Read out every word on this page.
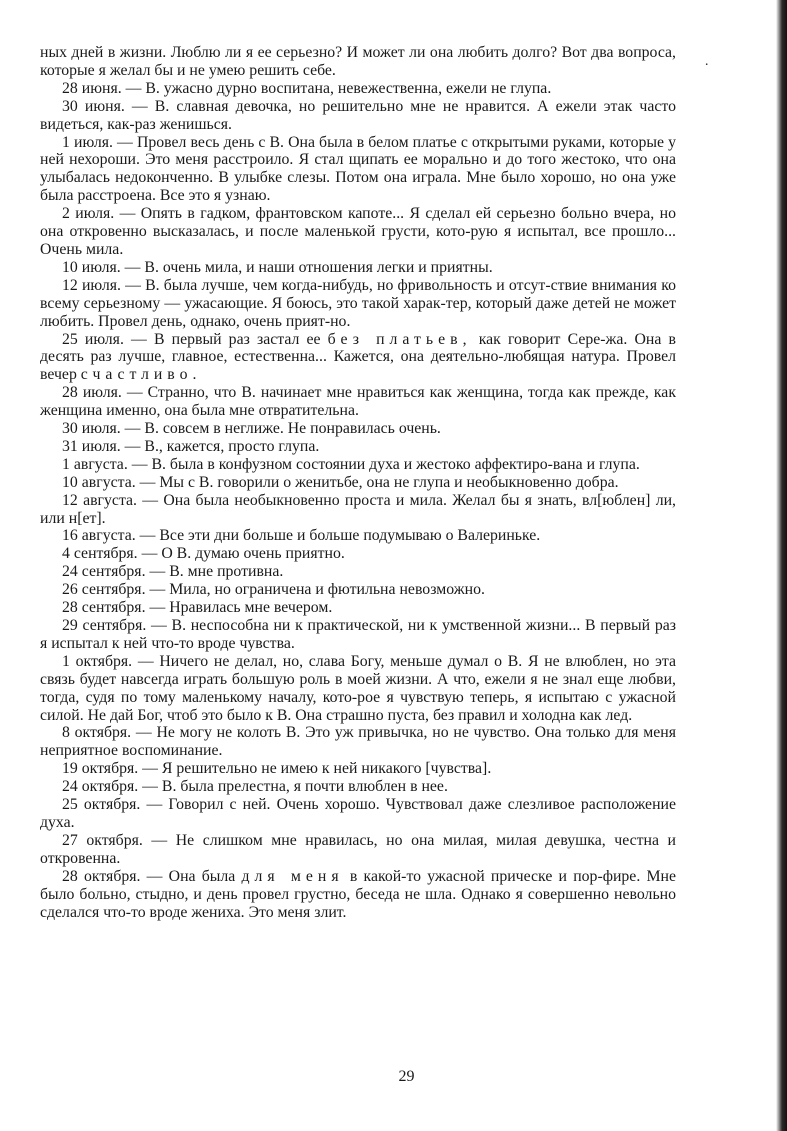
·

ных дней в жизни. Люблю ли я ее серьезно? И может ли она любить долго? Вот два вопроса, которые я желал бы и не умею решить себе.

28 июня. — В. ужасно дурно воспитана, невежественна, ежели не глупа.

30 июня. — В. славная девочка, но решительно мне не нравится. А ежели этак часто видеться, как-раз женишься.

1 июля. — Провел весь день с В. Она была в белом платье с открытыми руками, которые у ней нехороши. Это меня расстроило. Я стал щипать ее морально и до того жестоко, что она улыбалась недоконченно. В улыбке слезы. Потом она играла. Мне было хорошо, но она уже была расстроена. Все это я узнаю.

2 июля. — Опять в гадком, франтовском капоте... Я сделал ей серьезно больно вчера, но она откровенно высказалась, и после маленькой грусти, кото-рую я испытал, все прошло... Очень мила.

10 июля. — В. очень мила, и наши отношения легки и приятны.

12 июля. — В. была лучше, чем когда-нибудь, но фривольность и отсут-ствие внимания ко всему серьезному — ужасающие. Я боюсь, это такой харак-тер, который даже детей не может любить. Провел день, однако, очень прият-но.

25 июля. — В первый раз застал ее без платьев, как говорит Сере-жа. Она в десять раз лучше, главное, естественна... Кажется, она деятельно-любящая натура. Провел вечер счастливо.

28 июля. — Странно, что В. начинает мне нравиться как женщина, тогда как прежде, как женщина именно, она была мне отвратительна.

30 июля. — В. совсем в неглиже. Не понравилась очень.

31 июля. — В., кажется, просто глупа.

1 августа. — В. была в конфузном состоянии духа и жестоко аффектиро-вана и глупа.

10 августа. — Мы с В. говорили о женитьбе, она не глупа и необыкновенно добра.

12 августа. — Она была необыкновенно проста и мила. Желал бы я знать, вл[юблен] ли, или н[ет].

16 августа. — Все эти дни больше и больше подумываю о Валериньке.

4 сентября. — О В. думаю очень приятно.

24 сентября. — В. мне противна.

26 сентября. — Мила, но ограничена и фютильна невозможно.

28 сентября. — Нравилась мне вечером.

29 сентября. — В. неспособна ни к практической, ни к умственной жизни... В первый раз я испытал к ней что-то вроде чувства.

1 октября. — Ничего не делал, но, слава Богу, меньше думал о В. Я не влюблен, но эта связь будет навсегда играть большую роль в моей жизни. А что, ежели я не знал еще любви, тогда, судя по тому маленькому началу, кото-рое я чувствую теперь, я испытаю с ужасной силой. Не дай Бог, чтоб это было к В. Она страшно пуста, без правил и холодна как лед.

8 октября. — Не могу не колоть В. Это уж привычка, но не чувство. Она только для меня неприятное воспоминание.

19 октября. — Я решительно не имею к ней никакого [чувства].

24 октября. — В. была прелестна, я почти влюблен в нее.

25 октября. — Говорил с ней. Очень хорошо. Чувствовал даже слезливое расположение духа.

27 октября. — Не слишком мне нравилась, но она милая, милая девушка, честна и откровенна.

28 октября. — Она была для меня в какой-то ужасной прическе и пор-фире. Мне было больно, стыдно, и день провел грустно, беседа не шла. Однако я совершенно невольно сделался что-то вроде жениха. Это меня злит.

29
